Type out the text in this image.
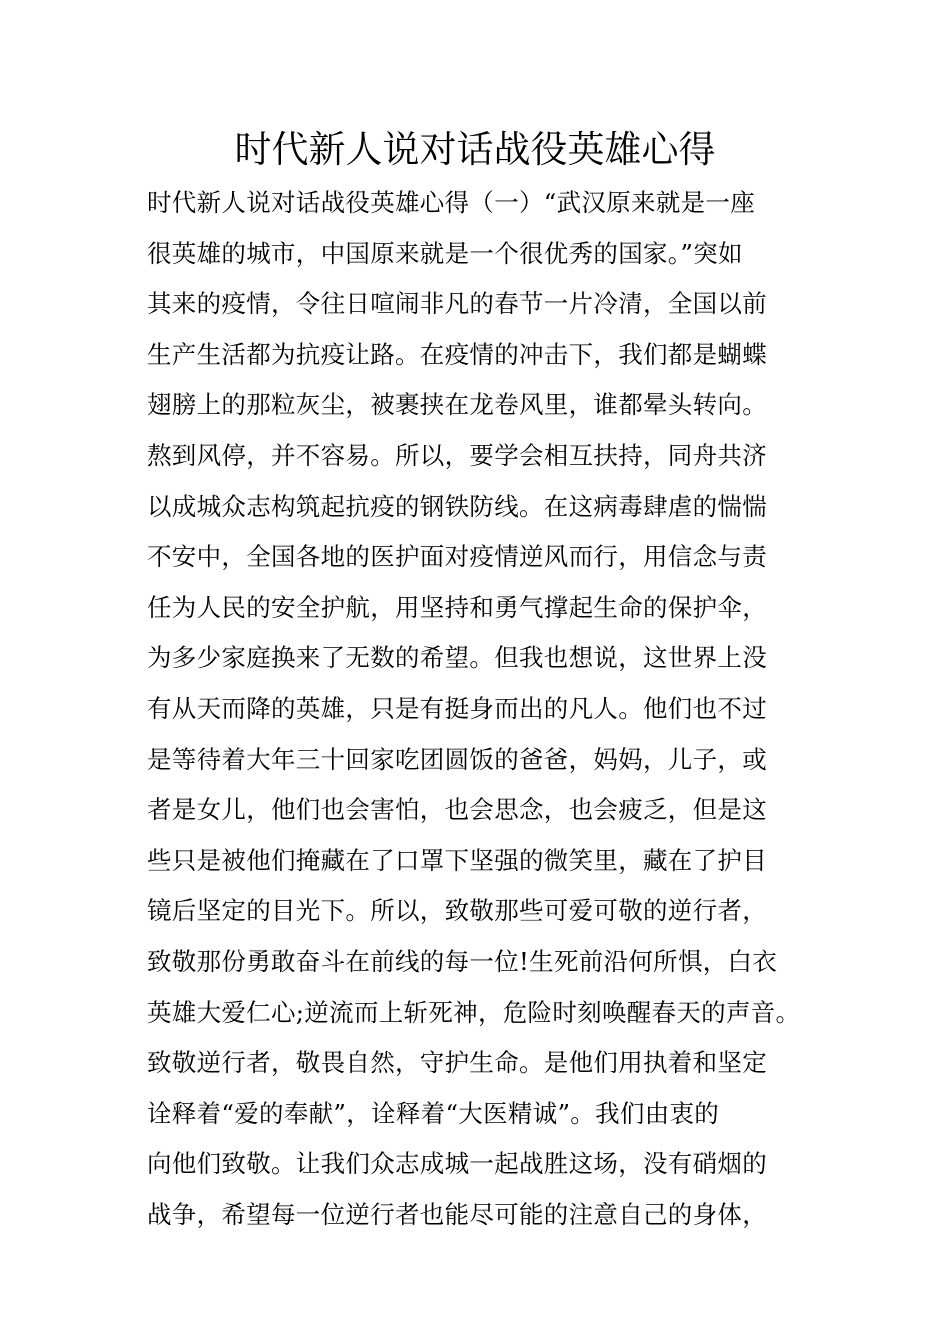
时代新人说对话战役英雄心得
时代新人说对话战役英雄心得（一）“武汉原来就是一座
很英雄的城市，中国原来就是一个很优秀的国家。”突如
其来的疫情，令往日喧闹非凡的春节一片冷清，全国以前
生产生活都为抗疫让路。在疫情的冲击下，我们都是蝴蝶
翅膀上的那粒灰尘，被裹挟在龙卷风里，谁都晕头转向。
熬到风停，并不容易。所以，要学会相互扶持，同舟共济
以成城众志构筑起抗疫的钢铁防线。在这病毒肆虐的惴惴
不安中，全国各地的医护面对疫情逆风而行，用信念与责
任为人民的安全护航，用坚持和勇气撑起生命的保护伞，
为多少家庭换来了无数的希望。但我也想说，这世界上没
有从天而降的英雄，只是有挺身而出的凡人。他们也不过
是等待着大年三十回家吃团圆饭的爸爸，妈妈，儿子，或
者是女儿，他们也会害怕，也会思念，也会疲乏，但是这
些只是被他们掩藏在了口罩下坚强的微笑里，藏在了护目
镜后坚定的目光下。所以，致敬那些可爱可敬的逆行者，
致敬那份勇敢奋斗在前线的每一位!生死前沿何所惧，白衣
英雄大爱仁心;逆流而上斩死神，危险时刻唤醒春天的声音。
致敬逆行者，敬畏自然，守护生命。是他们用执着和坚定
诠释着“爱的奉献”，诠释着“大医精诚”。我们由衷的
向他们致敬。让我们众志成城一起战胜这场，没有硝烟的
战争，希望每一位逆行者也能尽可能的注意自己的身体，
